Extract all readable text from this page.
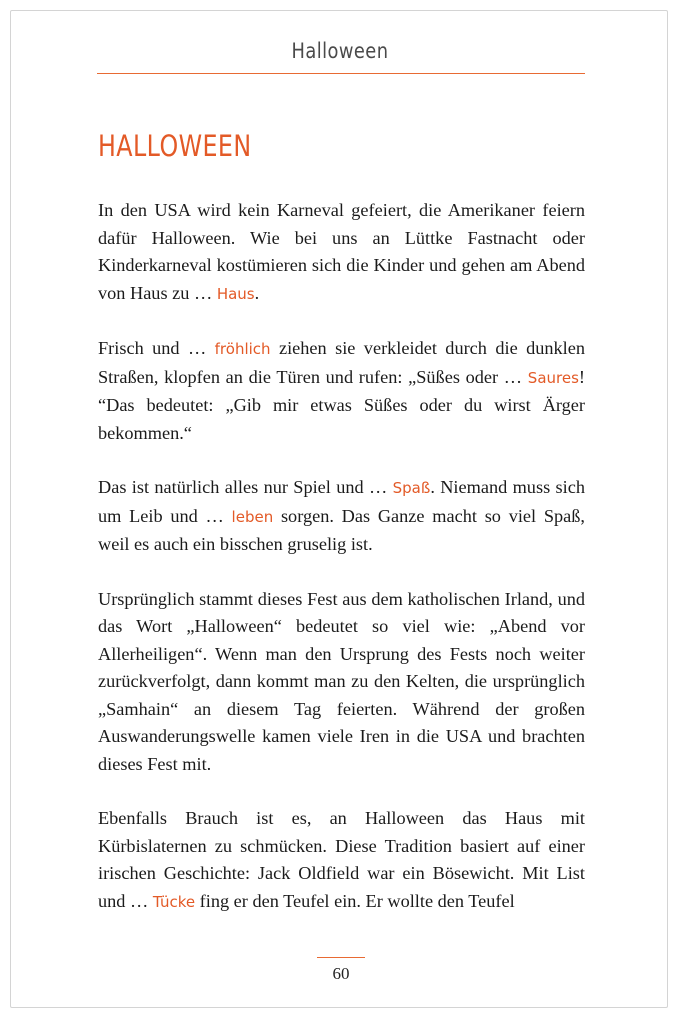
Halloween
HALLOWEEN

In den USA wird kein Karneval gefeiert, die Amerikaner feiern dafür Halloween. Wie bei uns an Lüttke Fastnacht oder Kinderkarneval kostümieren sich die Kinder und gehen am Abend von Haus zu … Haus.

Frisch und … fröhlich ziehen sie verkleidet durch die dunklen Straßen, klopfen an die Türen und rufen: „Süßes oder … Saures! “Das bedeutet: „Gib mir etwas Süßes oder du wirst Ärger bekommen.“

Das ist natürlich alles nur Spiel und … Spaß. Niemand muss sich um Leib und … leben sorgen. Das Ganze macht so viel Spaß, weil es auch ein bisschen gruselig ist.

Ursprünglich stammt dieses Fest aus dem katholischen Irland, und das Wort „Halloween“ bedeutet so viel wie: „Abend vor Allerheiligen“. Wenn man den Ursprung des Fests noch weiter zurückverfolgt, dann kommt man zu den Kelten, die ursprünglich „Samhain“ an diesem Tag feierten. Während der großen Auswanderungswelle kamen viele Iren in die USA und brachten dieses Fest mit.

Ebenfalls Brauch ist es, an Halloween das Haus mit Kürbislaternen zu schmücken. Diese Tradition basiert auf einer irischen Geschichte: Jack Oldfield war ein Bösewicht. Mit List und … Tücke fing er den Teufel ein. Er wollte den Teufel

60
